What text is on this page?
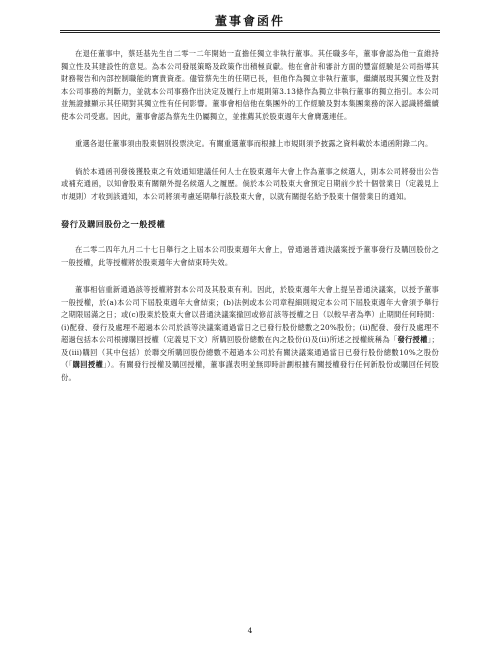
董事會函件

在退任董事中，蔡廷基先生自二零一二年開始一直擔任獨立非執行董事。其任職多年，董事會認為他一直維持獨立性及其建設性的意見。為本公司發展策略及政策作出積極貢獻。他在會計和審計方面的豐富經驗是公司指導其財務報告和內部控制職能的寶貴資產。儘管蔡先生的任期已長，但他作為獨立非執行董事，繼續展現其獨立性及對本公司事務的判斷力，並就本公司事務作出決定及履行上市規則第3.13條作為獨立非執行董事的獨立指引。本公司並無證據顯示其任期對其獨立性有任何影響。董事會相信他在集團外的工作經驗及對本集團業務的深入認識將繼續使本公司受惠。因此，董事會認為蔡先生仍屬獨立，並推薦其於股東週年大會膺選連任。

重選各退任董事須由股東個別投票決定。有關重選董事而根據上市規則須予披露之資料載於本通函附錄二內。

倘於本通函刊發後獲股東之有效通知建議任何人士在股東週年大會上作為董事之候選人，則本公司將發出公告或補充通函，以知會股東有關額外提名候選人之履歷。倘於本公司股東大會預定日期前少於十個營業日（定義見上市規則）才收到該通知，本公司將須考慮延期舉行該股東大會，以就有關提名給予股東十個營業日的通知。

發行及購回股份之一般授權

在二零二四年九月二十七日舉行之上屆本公司股東週年大會上，曾通過普通決議案授予董事發行及購回股份之一般授權，此等授權將於股東週年大會結束時失效。

董事相信重新通過該等授權將對本公司及其股東有利。因此，於股東週年大會上提呈普通決議案，以授予董事一般授權，於(a)本公司下屆股東週年大會結束；(b)法例或本公司章程細則規定本公司下屆股東週年大會須予舉行之期限屆滿之日；或(c)股東於股東大會以普通決議案撤回或修訂該等授權之日（以較早者為準）止期間任何時間：(i)配發、發行及處理不超過本公司於該等決議案通過當日之已發行股份總數之20%股份；(ii)配發、發行及處理不超過包括本公司根據購回授權（定義見下文）所購回股份總數在內之股份(i)及(ii)所述之授權統稱為「發行授權」；及(iii)購回（其中包括）於聯交所購回股份總數不超過本公司於有關決議案通過當日已發行股份總數10%之股份（「購回授權」）。有關發行授權及購回授權，董事謹表明並無即時計劃根據有關授權發行任何新股份或購回任何股份。

4
